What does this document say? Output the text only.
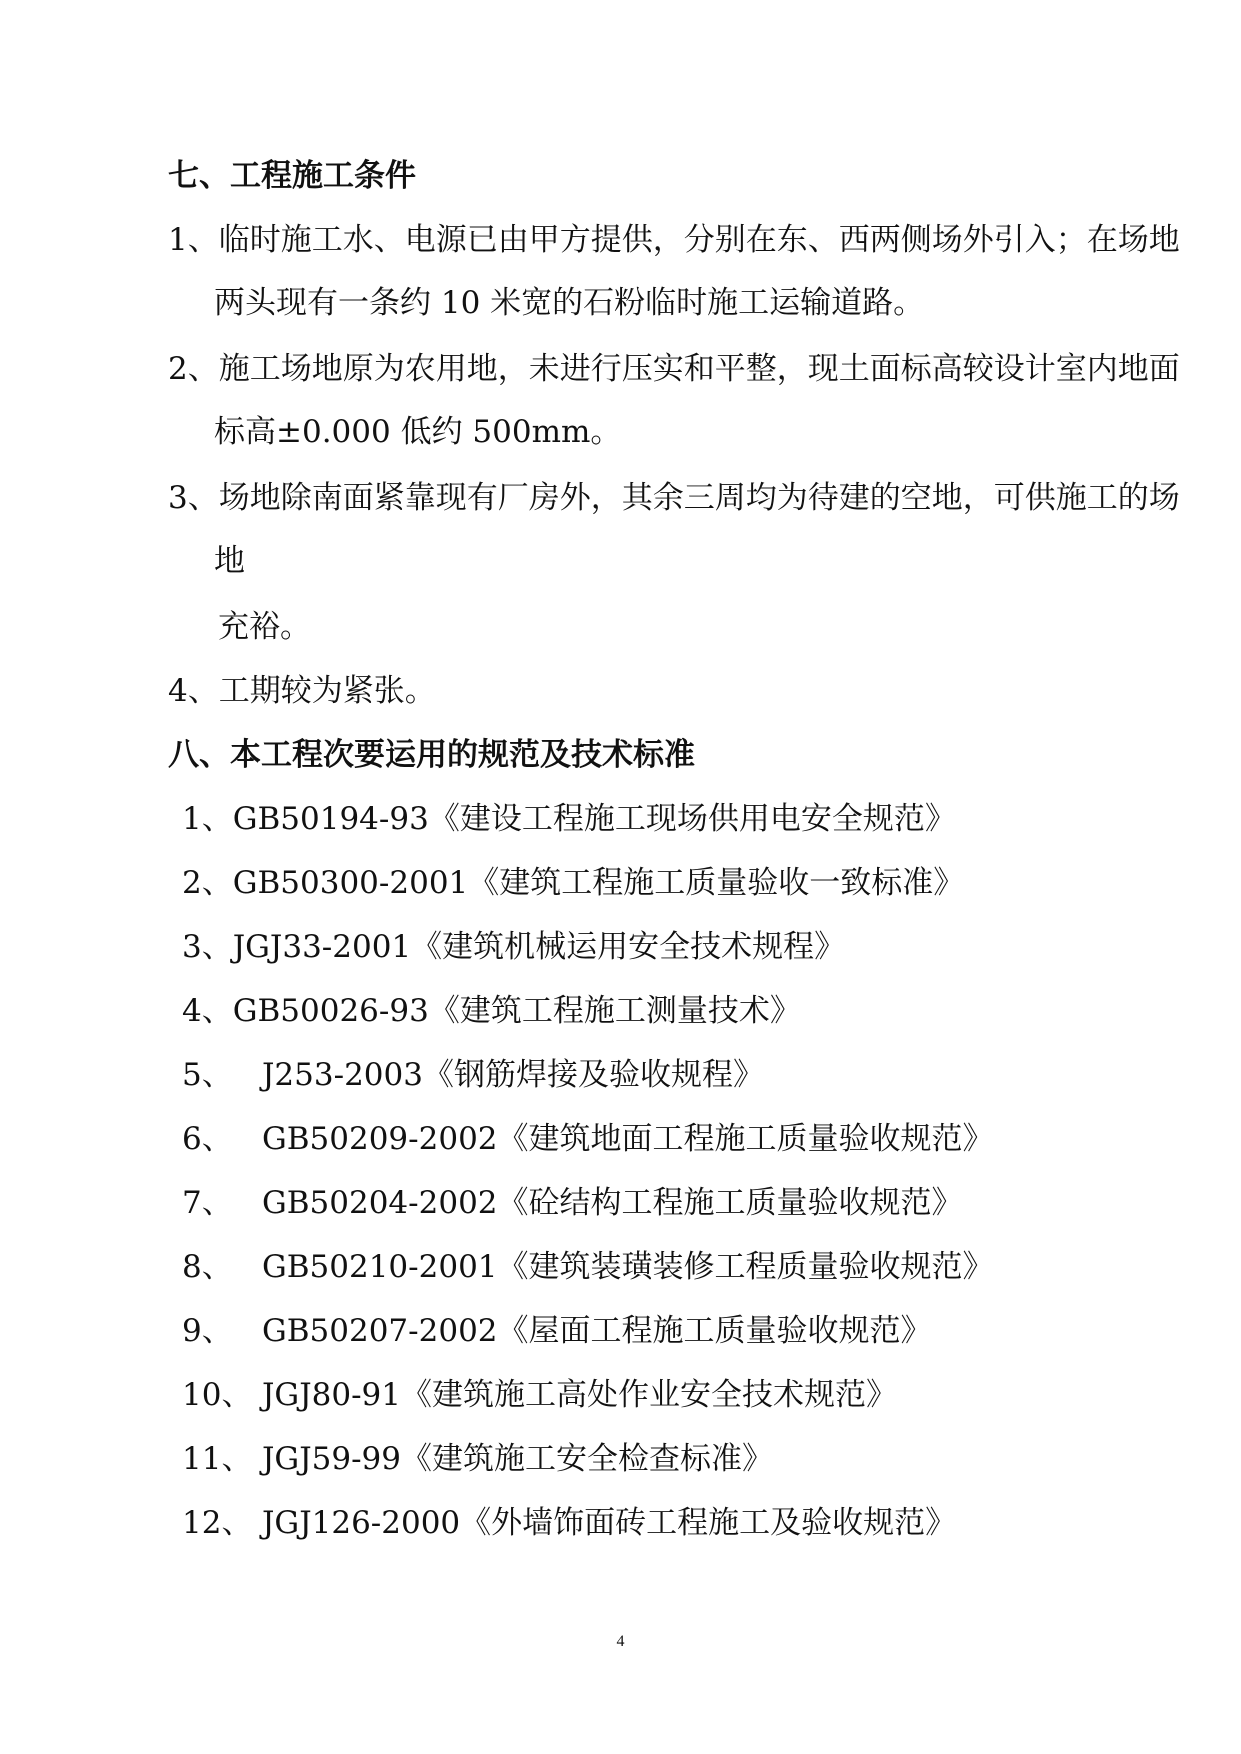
七、工程施工条件
1、临时施工水、电源已由甲方提供，分别在东、西两侧场外引入；在场地
两头现有一条约 10 米宽的石粉临时施工运输道路。
2、施工场地原为农用地，未进行压实和平整，现土面标高较设计室内地面
标高±0.000 低约 500mm。
3、场地除南面紧靠现有厂房外，其余三周均为待建的空地，可供施工的场
地
充裕。
4、工期较为紧张。
八、本工程次要运用的规范及技术标准
1、GB50194-93《建设工程施工现场供用电安全规范》
2、GB50300-2001《建筑工程施工质量验收一致标准》
3、JGJ33-2001《建筑机械运用安全技术规程》
4、GB50026-93《建筑工程施工测量技术》
5、 J253-2003《钢筋焊接及验收规程》
6、 GB50209-2002《建筑地面工程施工质量验收规范》
7、 GB50204-2002《砼结构工程施工质量验收规范》
8、 GB50210-2001《建筑装璜装修工程质量验收规范》
9、 GB50207-2002《屋面工程施工质量验收规范》
10、 JGJ80-91《建筑施工高处作业安全技术规范》
11、 JGJ59-99《建筑施工安全检查标准》
12、 JGJ126-2000《外墙饰面砖工程施工及验收规范》
4
